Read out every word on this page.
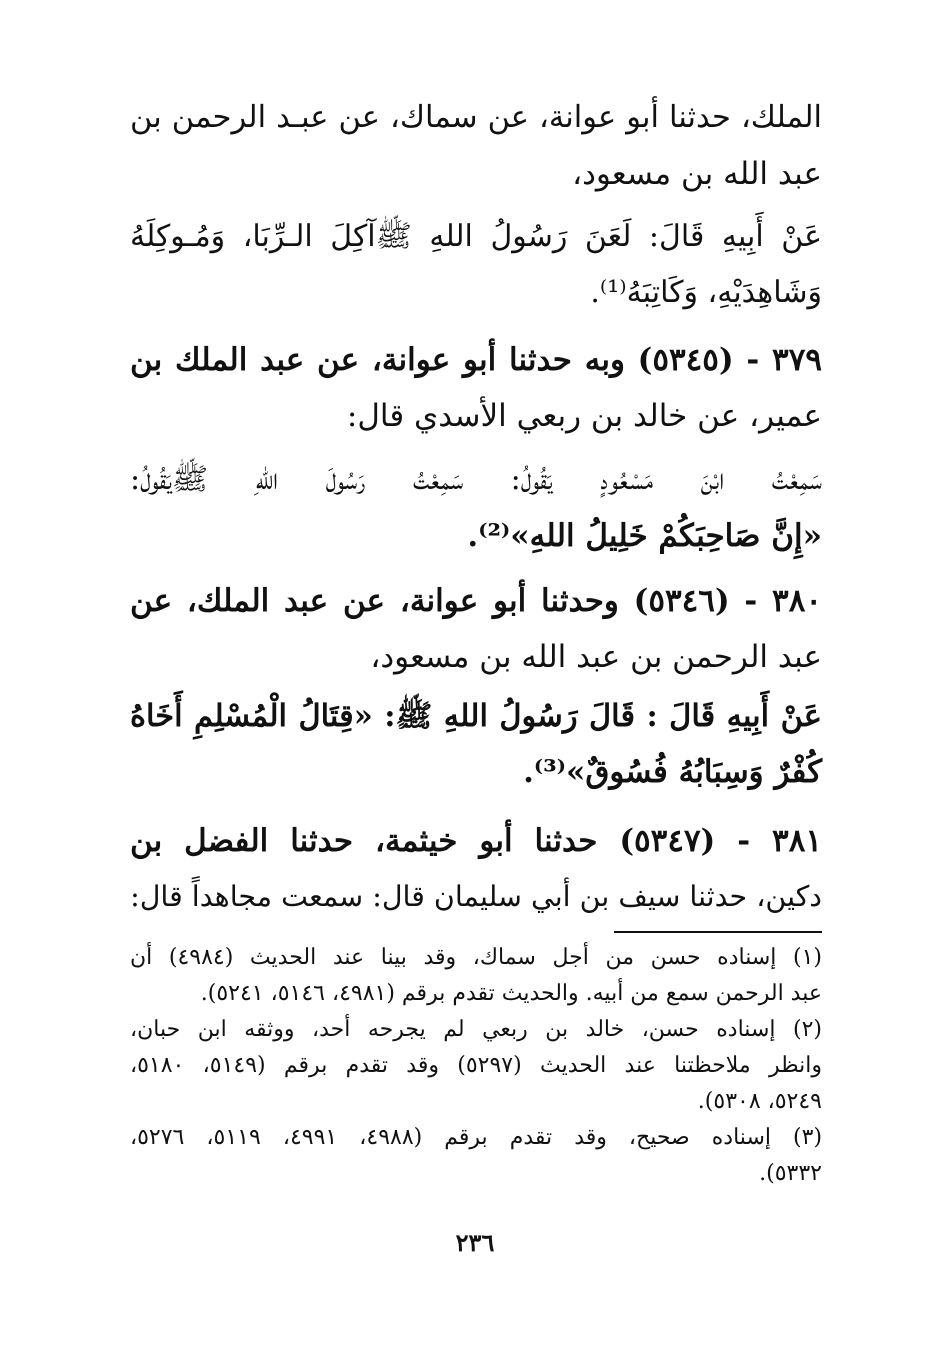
الملك، حدثنا أبو عوانة، عن سماك، عن عبـد الرحمن بن
عبد الله بن مسعود،
عَنْ أَبِيهِ قَالَ: لَعَنَ رَسُولُ اللهِ ﷺآكِلَ الـرِّبَا، وَمُـوكِلَهُ
وَشَاهِدَيْهِ، وَكَاتِبَهُ⁽¹⁾.
٣٧٩ - (٥٣٤٥) وبه حدثنا أبو عوانة، عن عبد الملك بن
عمير، عن خالد بن ربعي الأسدي قال:
سَمِعْتُ ابْنَ مَسْعُودٍ يَقُولُ: سَمِعْتُ رَسُولَ اللهِ ﷺيَقُولُ:
«إِنَّ صَاحِبَكُمْ خَلِيلُ اللهِ»⁽²⁾.
٣٨٠ - (٥٣٤٦) وحدثنا أبو عوانة، عن عبد الملك، عن
عبد الرحمن بن عبد الله بن مسعود،
عَنْ أَبِيهِ قَالَ : قَالَ رَسُولُ اللهِ ﷺ: «قِتَالُ الْمُسْلِمِ أَخَاهُ
كُفْرٌ وَسِبَابُهُ فُسُوقٌ»⁽³⁾.
٣٨١ - (٥٣٤٧) حدثنا أبو خيثمة، حدثنا الفضل بن
دكين، حدثنا سيف بن أبي سليمان قال: سمعت مجاهداً قال:
(١) إسناده حسن من أجل سماك، وقد بينا عند الحديث (٤٩٨٤) أن
عبد الرحمن سمع من أبيه. والحديث تقدم برقم (٤٩٨١، ٥١٤٦، ٥٢٤١).
(٢) إسناده حسن، خالد بن ربعي لم يجرحه أحد، ووثقه ابن حبان،
وانظر ملاحظتنا عند الحديث (٥٢٩٧) وقد تقدم برقم (٥١٤٩، ٥١٨٠،
٥٢٤٩، ٥٣٠٨).
(٣) إسناده صحيح، وقد تقدم برقم (٤٩٨٨، ٤٩٩١، ٥١١٩، ٥٢٧٦،
٥٣٣٢).
٢٣٦
